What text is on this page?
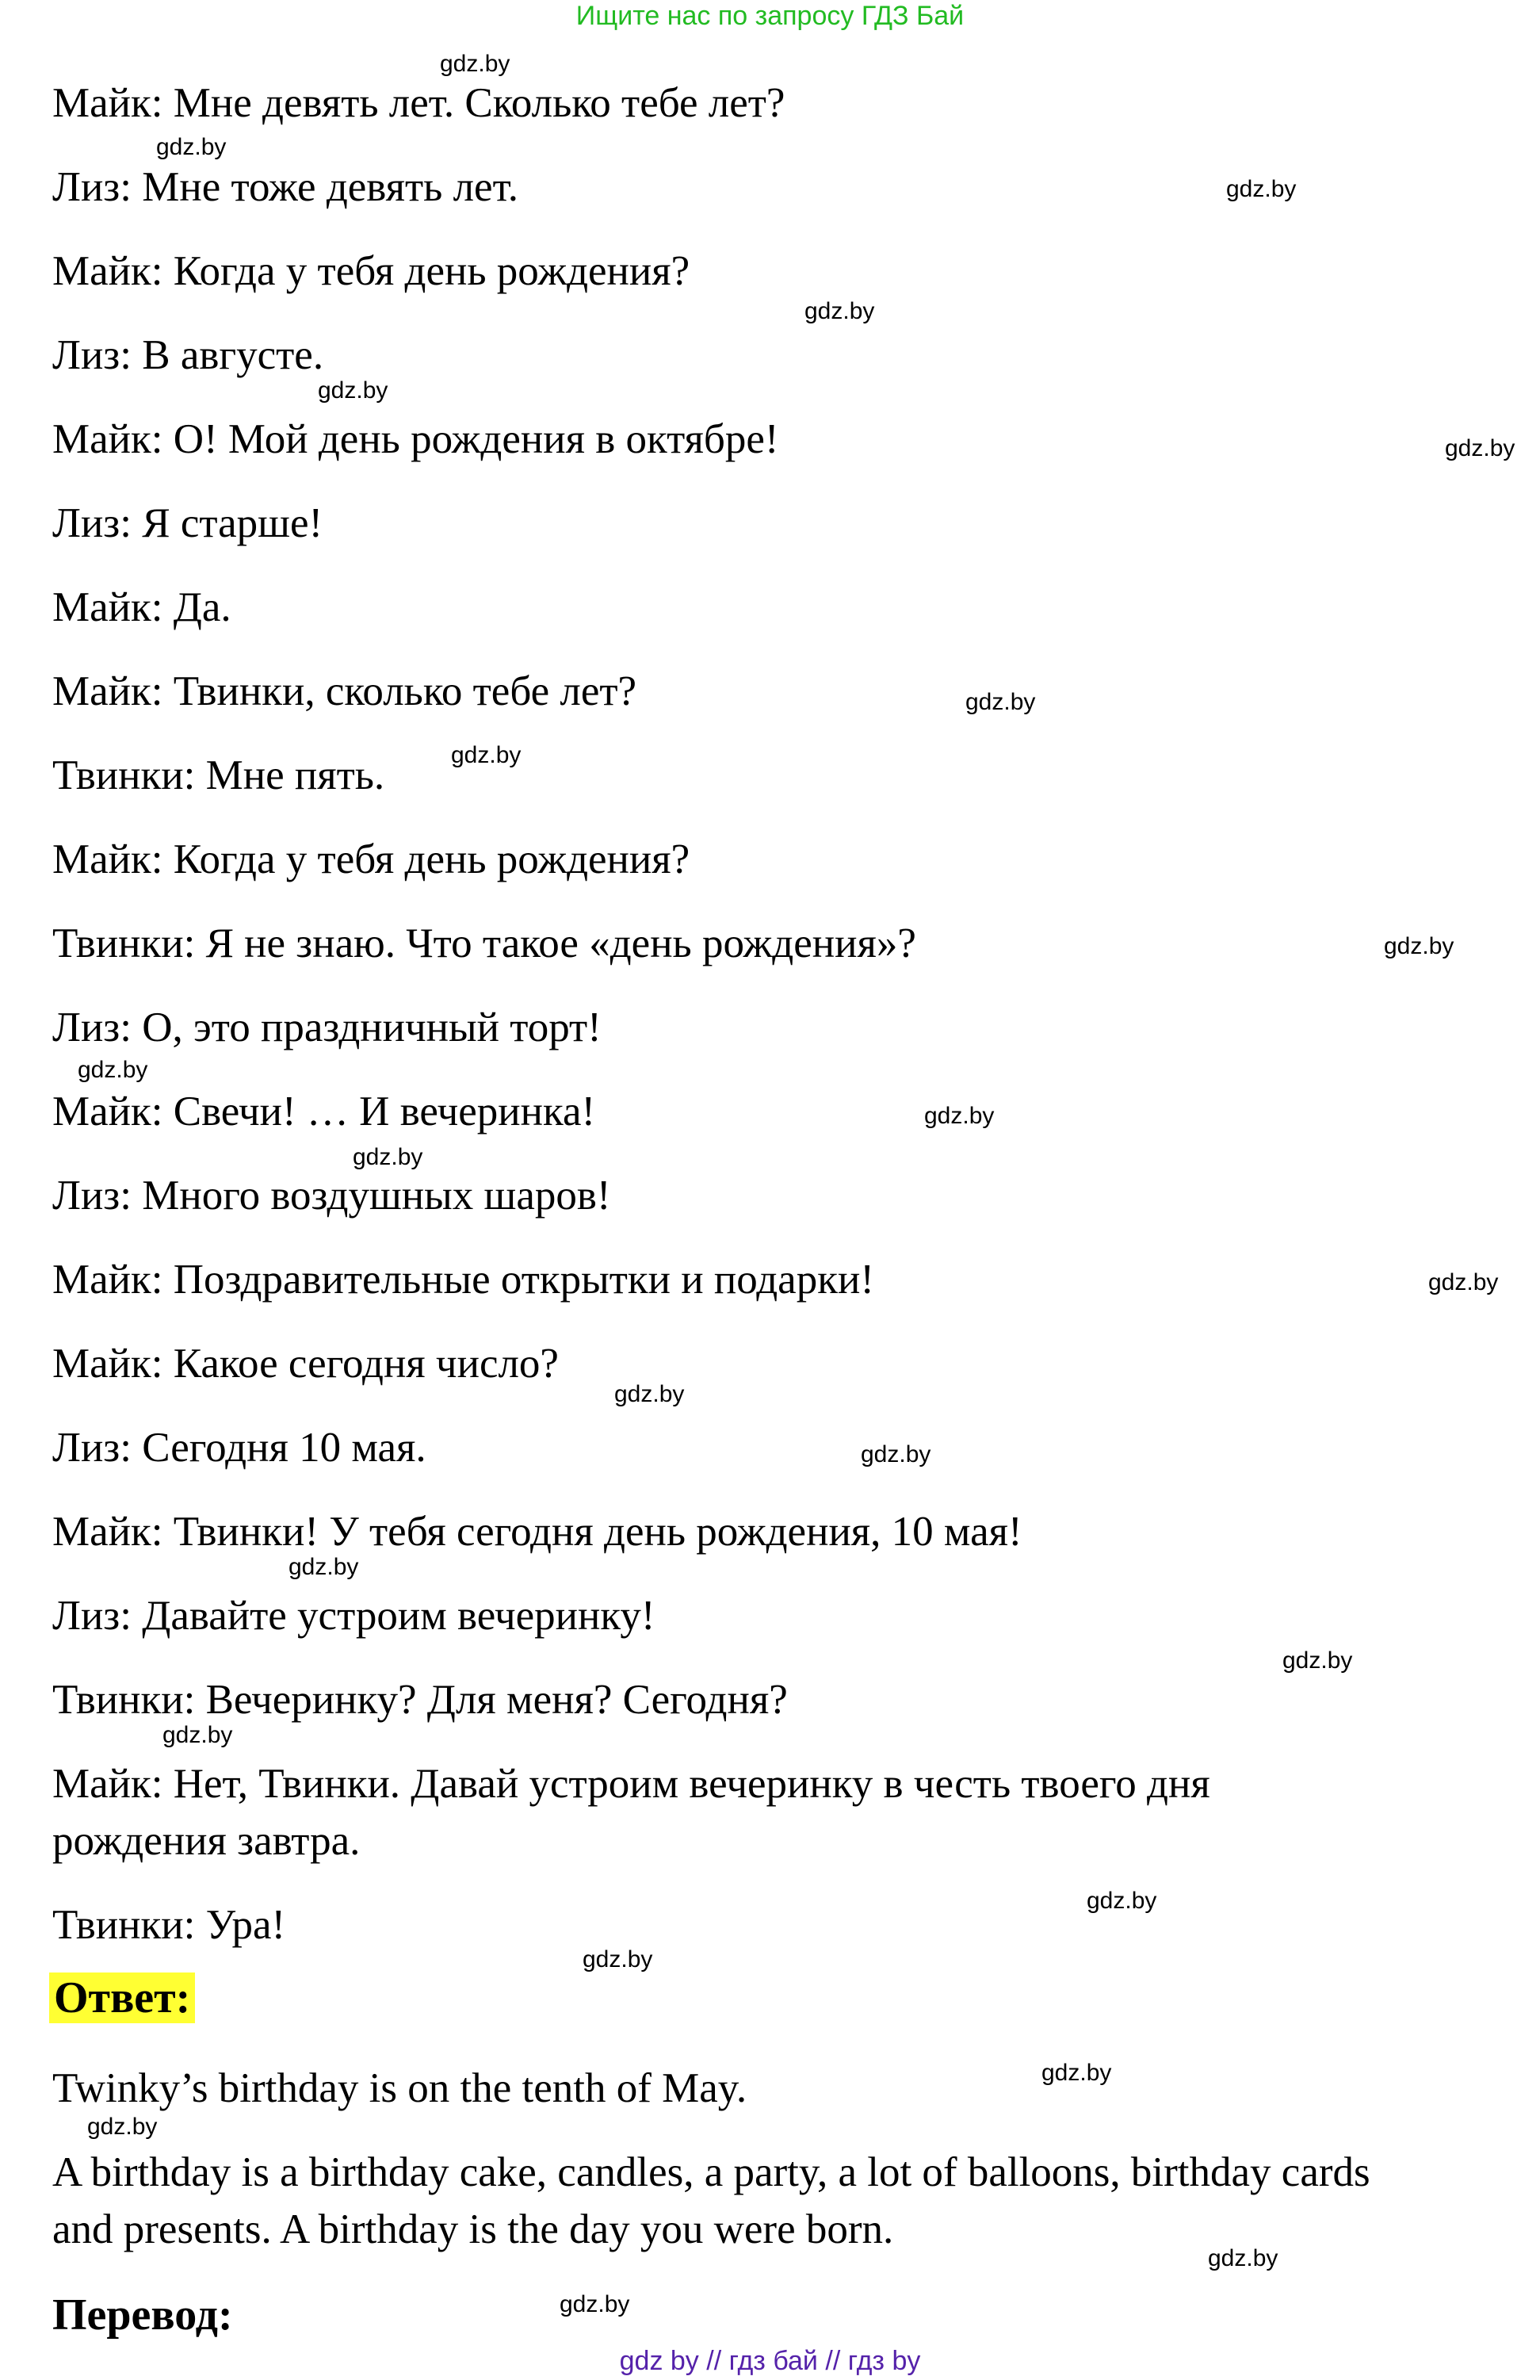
Ищите нас по запросу ГДЗ Бай
Майк: Мне девять лет. Сколько тебе лет?
Лиз: Мне тоже девять лет.
Майк: Когда у тебя день рождения?
Лиз: В августе.
Майк: О! Мой день рождения в октябре!
Лиз: Я старше!
Майк: Да.
Майк: Твинки, сколько тебе лет?
Твинки: Мне пять.
Майк: Когда у тебя день рождения?
Твинки: Я не знаю. Что такое «день рождения»?
Лиз: О, это праздничный торт!
Майк: Свечи! … И вечеринка!
Лиз: Много воздушных шаров!
Майк: Поздравительные открытки и подарки!
Майк: Какое сегодня число?
Лиз: Сегодня 10 мая.
Майк: Твинки! У тебя сегодня день рождения, 10 мая!
Лиз: Давайте устроим вечеринку!
Твинки: Вечеринку? Для меня? Сегодня?
Майк: Нет, Твинки. Давай устроим вечеринку в честь твоего дня
рождения завтра.
Твинки: Ура!
Ответ:
Twinky’s birthday is on the tenth of May.
A birthday is a birthday cake, candles, a party, a lot of balloons, birthday cards
and presents. A birthday is the day you were born.
Перевод:
gdz.by
gdz.by
gdz.by
gdz.by
gdz.by
gdz.by
gdz.by
gdz.by
gdz.by
gdz.by
gdz.by
gdz.by
gdz.by
gdz.by
gdz.by
gdz.by
gdz.by
gdz.by
gdz.by
gdz.by
gdz.by
gdz.by
gdz.by
gdz.by
gdz by // гдз бай // гдз by
